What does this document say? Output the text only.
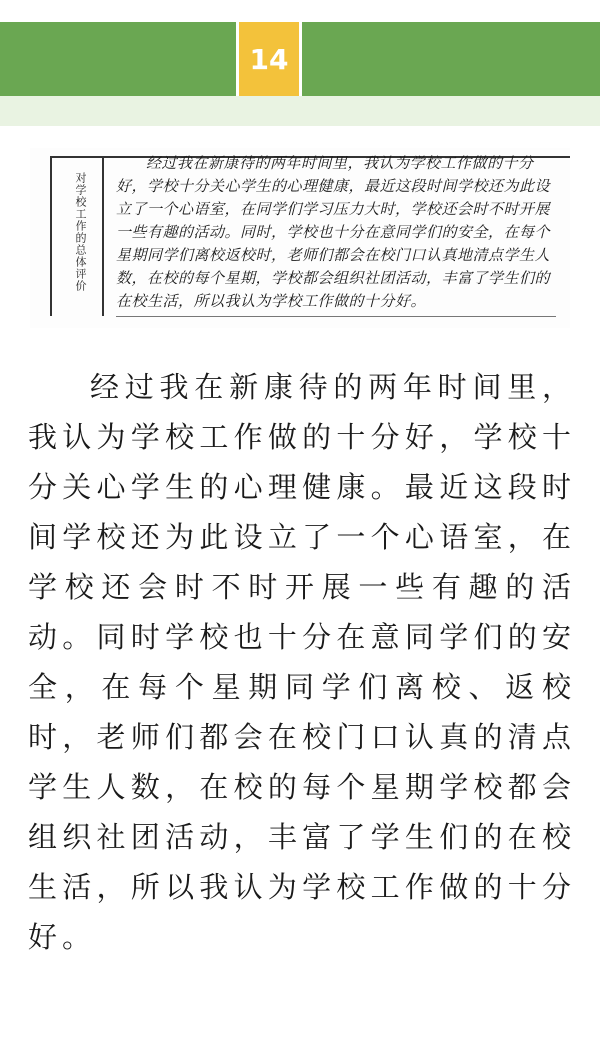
14
对学校工作的总体评价
经过我在新康待的两年时间里，我认为学校工作做的十分好，学校十分关心学生的心理健康，最近这段时间学校还为此设立了一个心语室，在同学们学习压力大时，学校还会时不时开展一些有趣的活动。同时，学校也十分在意同学们的安全，在每个星期同学们离校返校时，老师们都会在校门口认真地清点学生人数，在校的每个星期，学校都会组织社团活动，丰富了学生们的在校生活，所以我认为学校工作做的十分好。
经过我在新康待的两年时间里，我认为学校工作做的十分好，学校十分关心学生的心理健康。最近这段时间学校还为此设立了一个心语室，在学校还会时不时开展一些有趣的活动。同时学校也十分在意同学们的安全，在每个星期同学们离校、返校时，老师们都会在校门口认真的清点学生人数，在校的每个星期学校都会组织社团活动，丰富了学生们的在校生活，所以我认为学校工作做的十分好。
